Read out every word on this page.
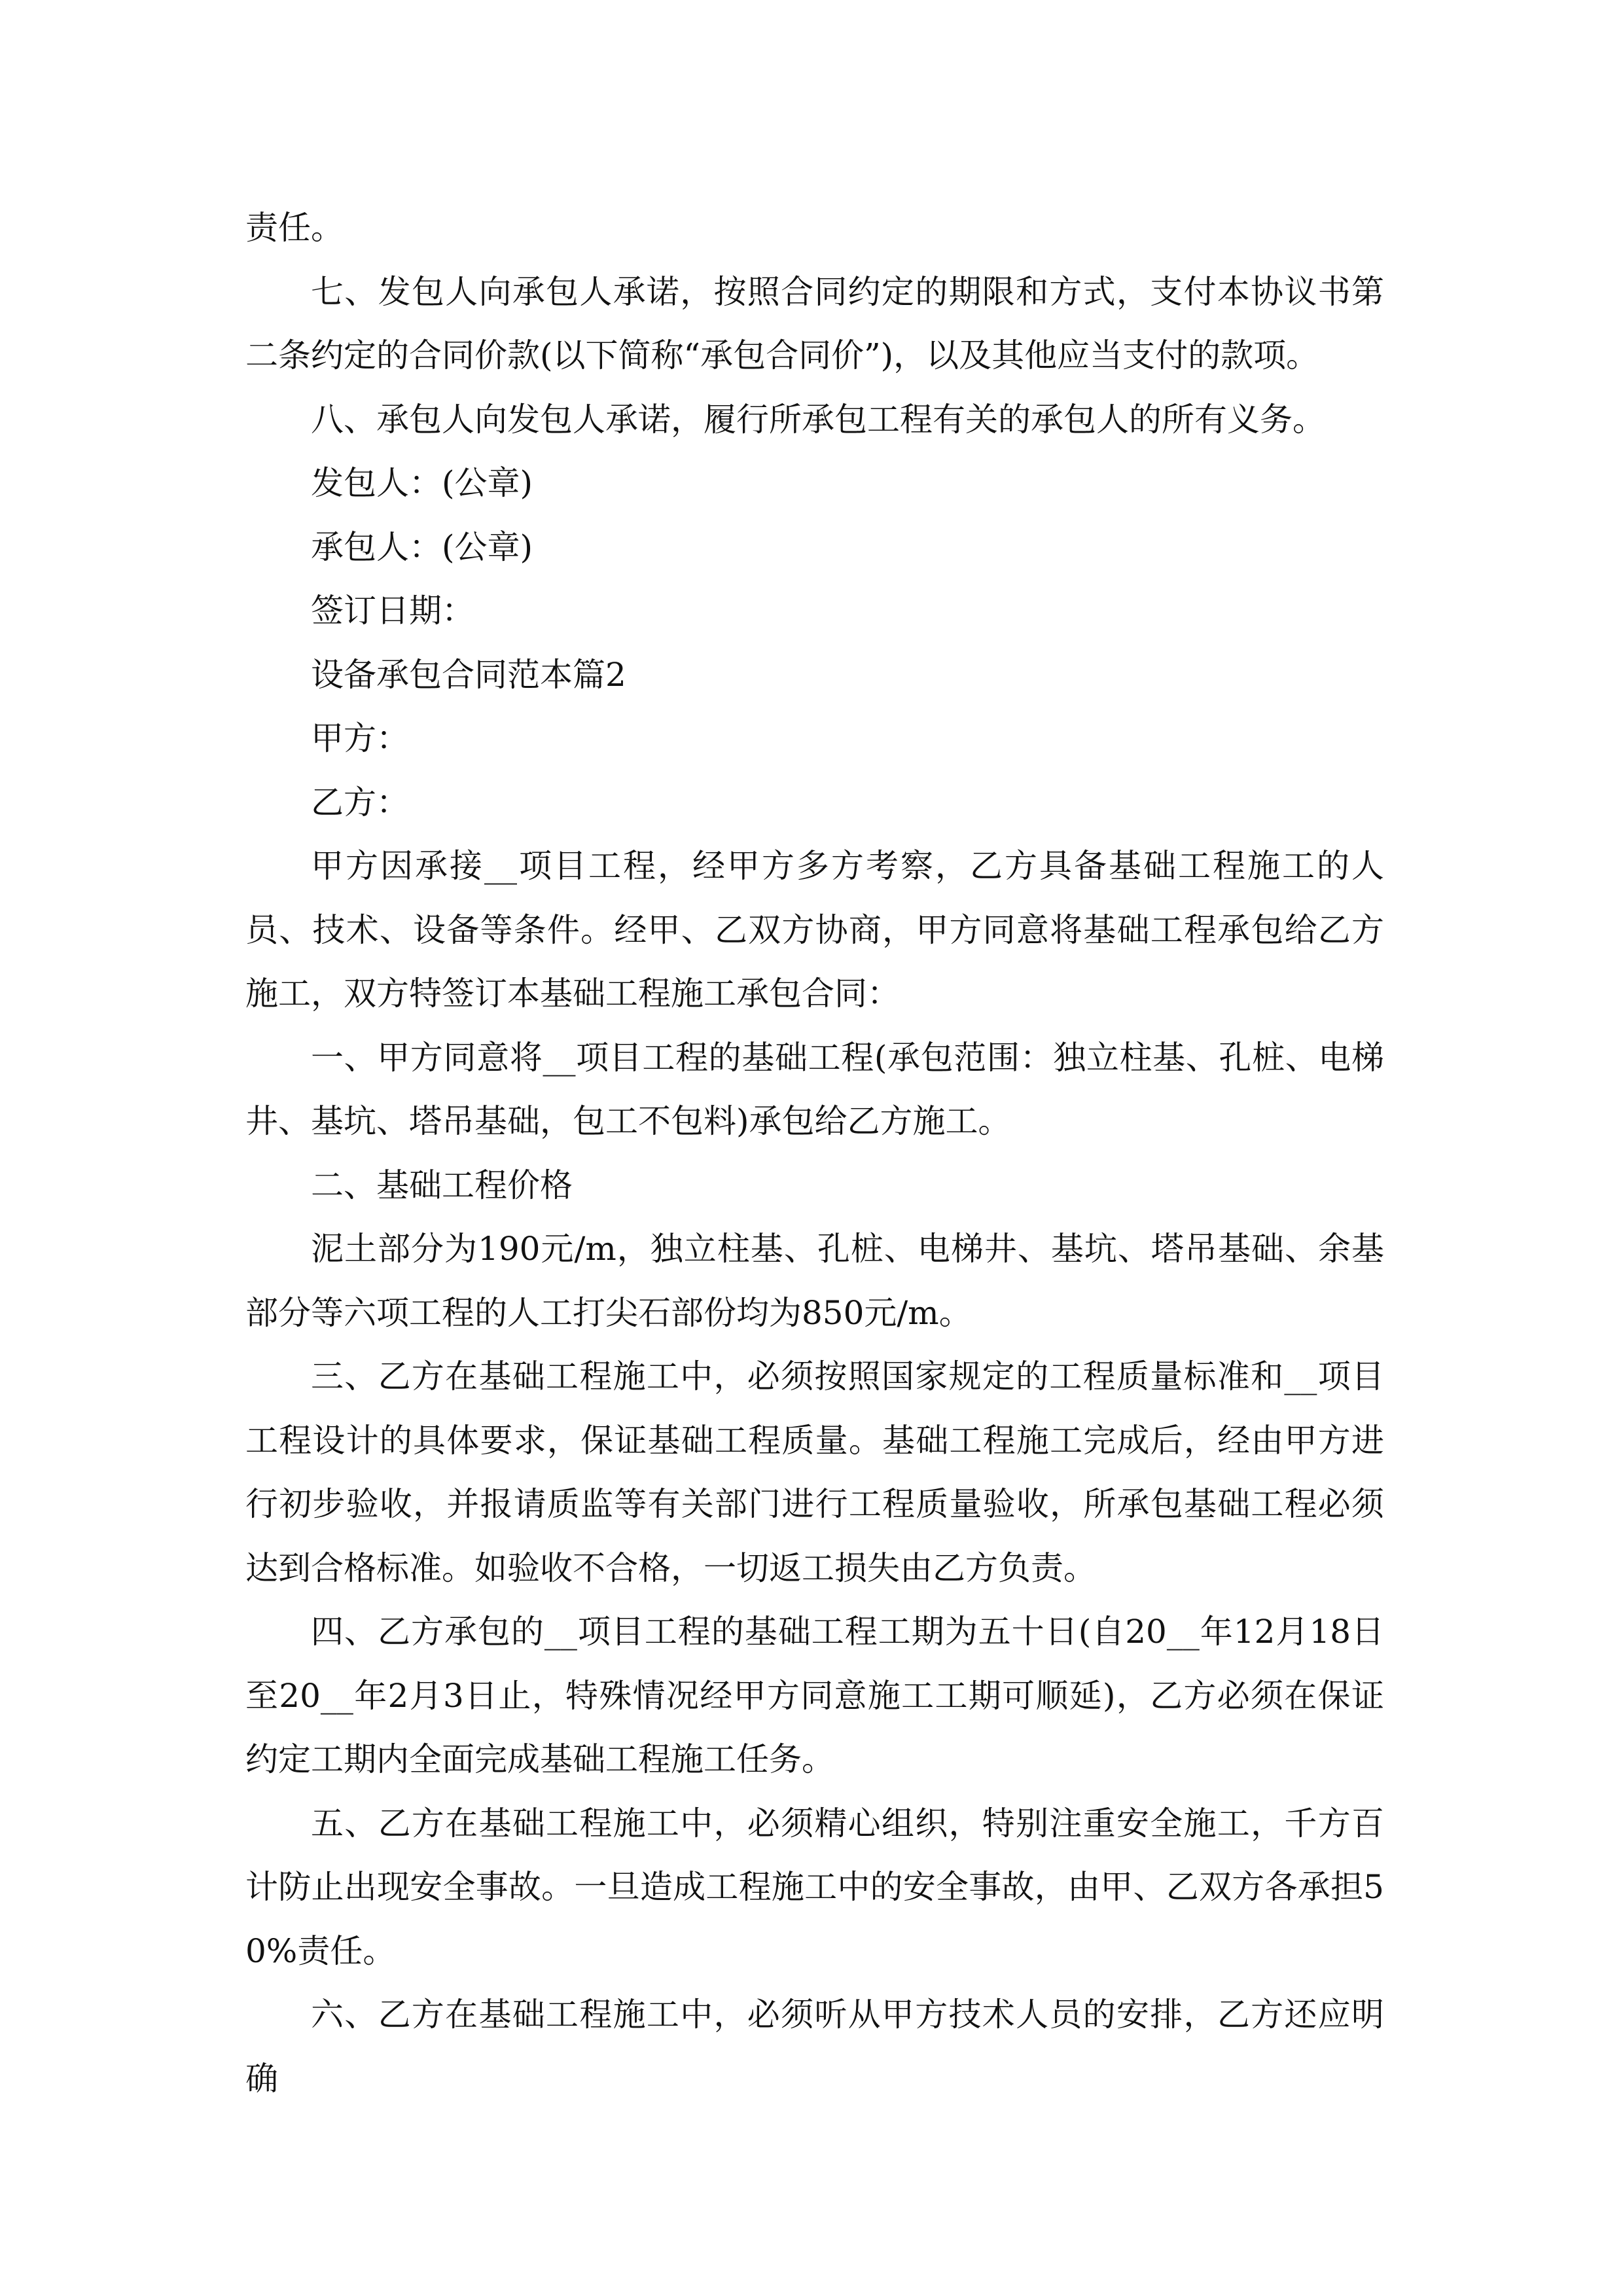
责任。

七、发包人向承包人承诺，按照合同约定的期限和方式，支付本协议书第二条约定的合同价款(以下简称“承包合同价”)，以及其他应当支付的款项。

八、承包人向发包人承诺，履行所承包工程有关的承包人的所有义务。

发包人：(公章)

承包人：(公章)

签订日期：

设备承包合同范本篇2

甲方：

乙方：

甲方因承接__项目工程，经甲方多方考察，乙方具备基础工程施工的人员、技术、设备等条件。经甲、乙双方协商，甲方同意将基础工程承包给乙方施工，双方特签订本基础工程施工承包合同：

一、甲方同意将__项目工程的基础工程(承包范围：独立柱基、孔桩、电梯井、基坑、塔吊基础，包工不包料)承包给乙方施工。

二、基础工程价格

泥土部分为190元/m，独立柱基、孔桩、电梯井、基坑、塔吊基础、余基部分等六项工程的人工打尖石部份均为850元/m。

三、乙方在基础工程施工中，必须按照国家规定的工程质量标准和__项目工程设计的具体要求，保证基础工程质量。基础工程施工完成后，经由甲方进行初步验收，并报请质监等有关部门进行工程质量验收，所承包基础工程必须达到合格标准。如验收不合格，一切返工损失由乙方负责。

四、乙方承包的__项目工程的基础工程工期为五十日(自20__年12月18日至20__年2月3日止，特殊情况经甲方同意施工工期可顺延)，乙方必须在保证约定工期内全面完成基础工程施工任务。

五、乙方在基础工程施工中，必须精心组织，特别注重安全施工，千方百计防止出现安全事故。一旦造成工程施工中的安全事故，由甲、乙双方各承担50%责任。

六、乙方在基础工程施工中，必须听从甲方技术人员的安排，乙方还应明确
